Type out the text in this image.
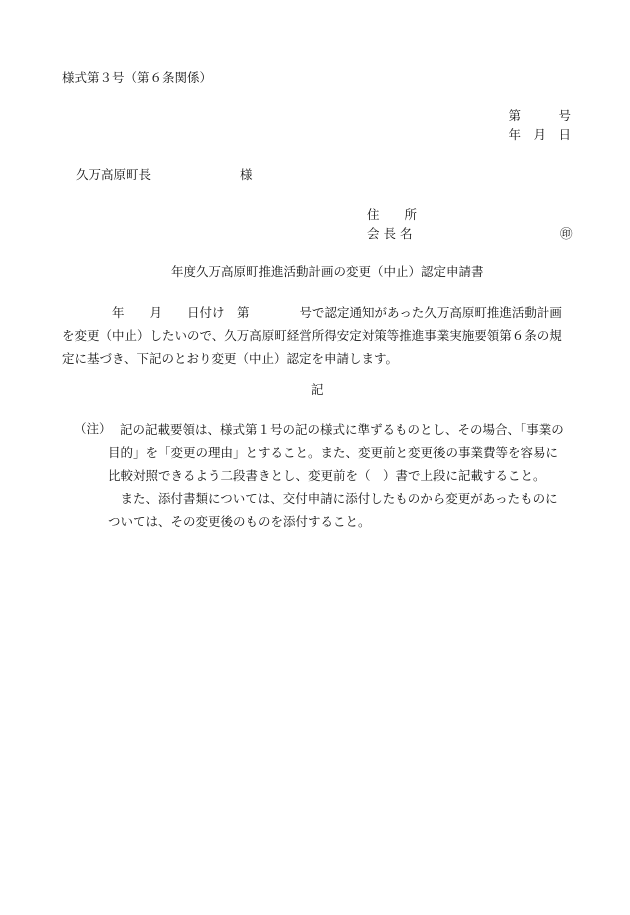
様式第３号（第６条関係）
第　　　号
年　月　日
久万高原町長	様
住　　所
会 長 名	㊞
年度久万高原町推進活動計画の変更（中止）認定申請書
　　　　年　　月　　日付け　第　　　　号で認定通知があった久万高原町推進活動計画
を変更（中止）したいので、久万高原町経営所得安定対策等推進事業実施要領第６条の規
定に基づき、下記のとおり変更（中止）認定を申請します。
記
（注） 記の記載要領は、様式第１号の記の様式に準ずるものとし、その場合、「事業の
目的」を「変更の理由」とすること。また、変更前と変更後の事業費等を容易に
比較対照できるよう二段書きとし、変更前を（　）書で上段に記載すること。
　また、添付書類については、交付申請に添付したものから変更があったものに
ついては、その変更後のものを添付すること。
